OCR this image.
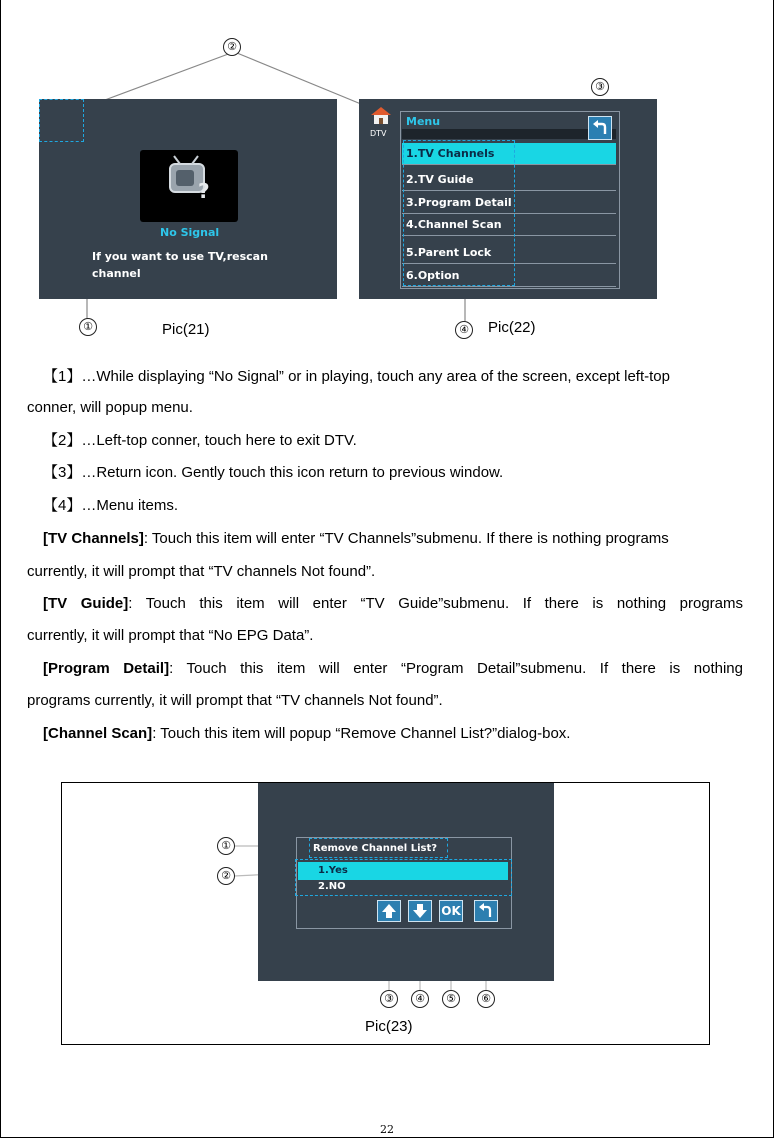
?
No Signal
If you want to use TV,rescan channel
①	Pic(21)
DTV
Menu
③
1.TV Channels
2.TV Guide
3.Program Detail
4.Channel Scan
5.Parent Lock
6.Option
②
④ Pic(22)
【1】…While displaying “No Signal” or in playing, touch any area of the screen, except left-top
conner, will popup menu.
【2】…Left-top conner, touch here to exit DTV.
【3】…Return icon. Gently touch this icon return to previous window.
【4】…Menu items.
[TV Channels]: Touch this item will enter “TV Channels”submenu. If there is nothing programs
currently, it will prompt that “TV channels Not found”.
[TV Guide]: Touch this item will enter “TV Guide”submenu. If there is nothing programs
currently, it will prompt that “No EPG Data”.
[Program Detail]: Touch this item will enter “Program Detail”submenu. If there is nothing
programs currently, it will prompt that “TV channels Not found”.
[Channel Scan]: Touch this item will popup “Remove Channel List?”dialog-box.
Remove Channel List?
1.Yes
2.NO
OK
①
②
③	④	⑤	⑥
Pic(23)
22
